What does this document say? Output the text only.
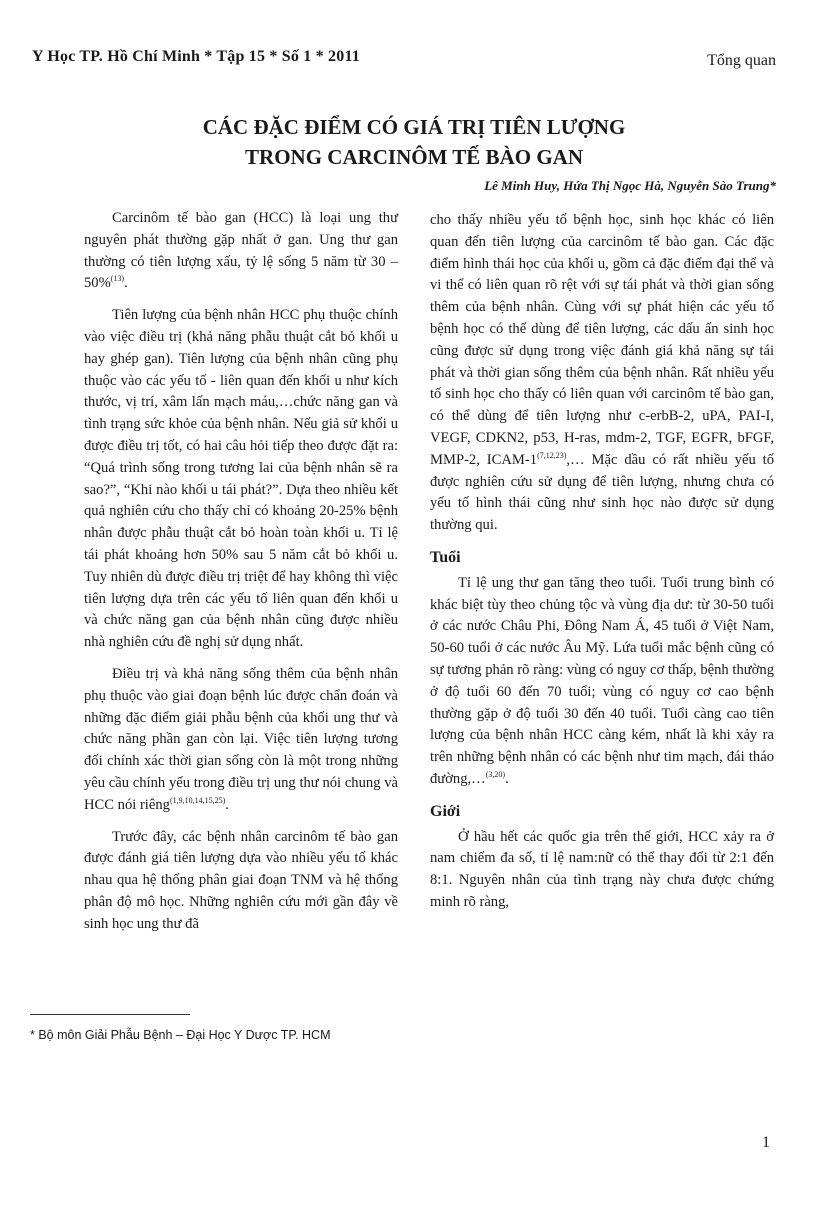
Y Học TP. Hồ Chí Minh * Tập 15 * Số 1 * 2011	Tổng quan
CÁC ĐẶC ĐIỂM CÓ GIÁ TRỊ TIÊN LƯỢNG
TRONG CARCINÔM TẾ BÀO GAN
Lê Minh Huy, Hứa Thị Ngọc Hà, Nguyễn Sào Trung*

Carcinôm tế bào gan (HCC) là loại ung thư nguyên phát thường gặp nhất ở gan. Ung thư gan thường có tiên lượng xấu, tỷ lệ sống 5 năm từ 30 – 50%$^{(13)}$.

Tiên lượng của bệnh nhân HCC phụ thuộc chính vào việc điều trị (khả năng phẫu thuật cắt bỏ khối u hay ghép gan). Tiên lượng của bệnh nhân cũng phụ thuộc vào các yếu tố - liên quan đến khối u như kích thước, vị trí, xâm lấn mạch máu,…chức năng gan và tình trạng sức khỏe của bệnh nhân. Nếu giả sử khối u được điều trị tốt, có hai câu hỏi tiếp theo được đặt ra: “Quá trình sống trong tương lai của bệnh nhân sẽ ra sao?”, “Khi nào khối u tái phát?”. Dựa theo nhiều kết quả nghiên cứu cho thấy chỉ có khoảng 20-25% bệnh nhân được phẫu thuật cắt bỏ hoàn toàn khối u. Tỉ lệ tái phát khoảng hơn 50% sau 5 năm cắt bỏ khối u. Tuy nhiên dù được điều trị triệt để hay không thì việc tiên lượng dựa trên các yếu tố liên quan đến khối u và chức năng gan của bệnh nhân cũng được nhiều nhà nghiên cứu đề nghị sử dụng nhất.

Điều trị và khả năng sống thêm của bệnh nhân phụ thuộc vào giai đoạn bệnh lúc được chẩn đoán và những đặc điểm giải phẫu bệnh của khối ung thư và chức năng phần gan còn lại. Việc tiên lượng tương đối chính xác thời gian sống còn là một trong những yêu cầu chính yếu trong điều trị ung thư nói chung và HCC nói riêng$^{(1,9,10,14,15,25)}$.

Trước đây, các bệnh nhân carcinôm tế bào gan được đánh giá tiên lượng dựa vào nhiều yếu tố khác nhau qua hệ thống phân giai đoạn TNM và hệ thống phân độ mô học. Những nghiên cứu mới gần đây về sinh học ung thư đã

cho thấy nhiều yếu tố bệnh học, sinh học khác có liên quan đến tiên lượng của carcinôm tế bào gan. Các đặc điểm hình thái học của khối u, gồm cả đặc điểm đại thể và vi thể có liên quan rõ rệt với sự tái phát và thời gian sống thêm của bệnh nhân. Cùng với sự phát hiện các yếu tố bệnh học có thể dùng để tiên lượng, các dấu ấn sinh học cũng được sử dụng trong việc đánh giá khả năng sự tái phát và thời gian sống thêm của bệnh nhân. Rất nhiều yếu tố sinh học cho thấy có liên quan với carcinôm tế bào gan, có thể dùng để tiên lượng như c-erbB-2, uPA, PAI-I, VEGF, CDKN2, p53, H-ras, mdm-2, TGF, EGFR, bFGF, MMP-2, ICAM-1$^{(7,12,23)}$,… Mặc dầu có rất nhiều yếu tố được nghiên cứu sử dụng để tiên lượng, nhưng chưa có yếu tố hình thái cũng như sinh học nào được sử dụng thường qui.

Tuổi

Tỉ lệ ung thư gan tăng theo tuổi. Tuổi trung bình có khác biệt tùy theo chủng tộc và vùng địa dư: từ 30-50 tuổi ở các nước Châu Phi, Đông Nam Á, 45 tuổi ở Việt Nam, 50-60 tuổi ở các nước Âu Mỹ. Lứa tuổi mắc bệnh cũng có sự tương phản rõ ràng: vùng có nguy cơ thấp, bệnh thường ở độ tuổi 60 đến 70 tuổi; vùng có nguy cơ cao bệnh thường gặp ở độ tuổi 30 đến 40 tuổi. Tuổi càng cao tiên lượng của bệnh nhân HCC càng kém, nhất là khi xảy ra trên những bệnh nhân có các bệnh như tim mạch, đái tháo đường,…$^{(3,20)}$.

Giới

Ở hầu hết các quốc gia trên thế giới, HCC xảy ra ở nam chiếm đa số, tỉ lệ nam:nữ có thể thay đổi từ 2:1 đến 8:1. Nguyên nhân của tình trạng này chưa được chứng minh rõ ràng,

* Bộ môn Giải Phẫu Bệnh – Đại Học Y Dược TP. HCM
1
